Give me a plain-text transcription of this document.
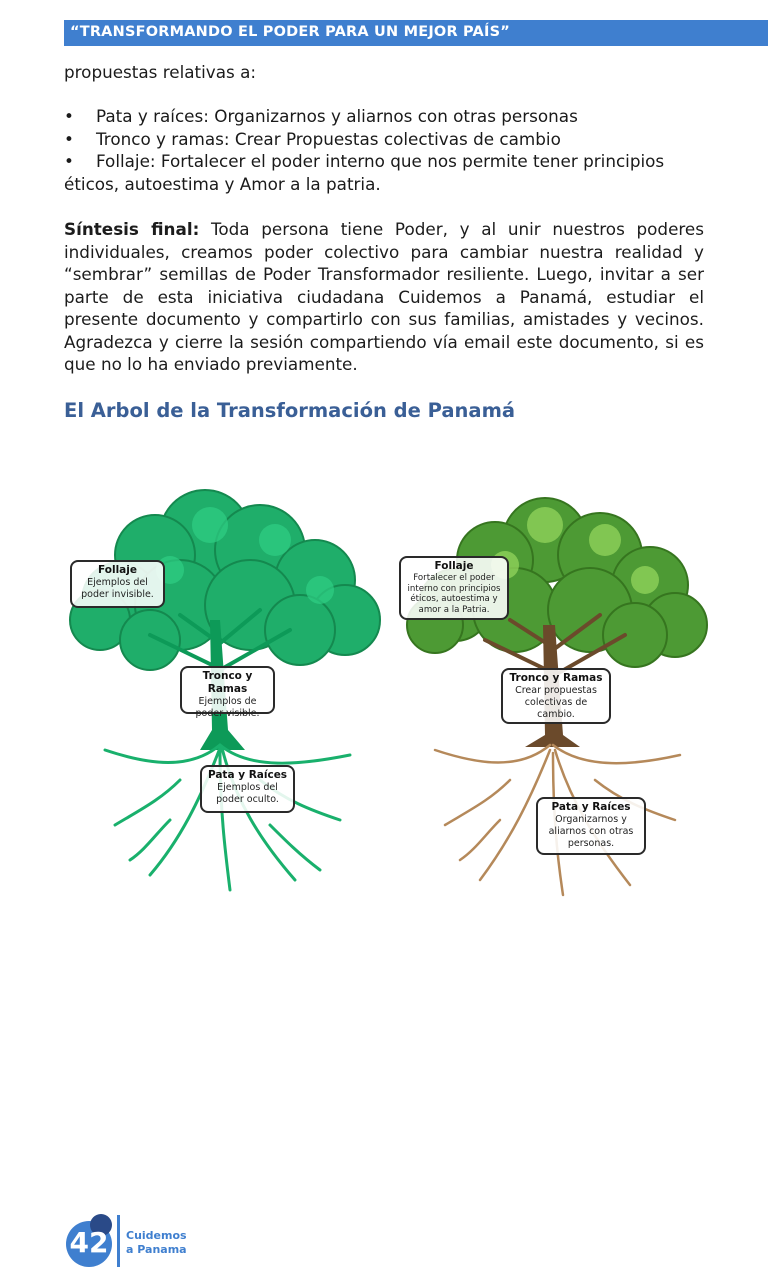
“TRANSFORMANDO EL PODER PARA UN MEJOR PAÍS”
propuestas relativas a:
• Pata y raíces: Organizarnos y aliarnos con otras personas
• Tronco y ramas: Crear Propuestas colectivas de cambio
• Follaje: Fortalecer el poder interno que nos permite tener principios
éticos, autoestima y Amor a la patria.
Síntesis final: Toda persona tiene Poder, y al unir nuestros poderes individuales, creamos poder colectivo para cambiar nuestra realidad y “sembrar” semillas de Poder Transformador resiliente. Luego, invitar a ser parte de esta iniciativa ciudadana Cuidemos a Panamá, estudiar el presente documento y compartirlo con sus familias, amistades y vecinos. Agradezca y cierre la sesión compartiendo vía email este documento, si es que no lo ha enviado previamente.
El Arbol de la Transformación de Panamá
Follaje
Ejemplos del poder invisible.
Tronco y Ramas
Ejemplos de poder visible.
Pata y Raíces
Ejemplos del poder oculto.
Follaje
Fortalecer el poder interno con principios éticos, autoestima y amor a la Patria.
Tronco y Ramas
Crear propuestas colectivas de cambio.
Pata y Raíces
Organizarnos y aliarnos con otras personas.
42	Cuidemos
a Panama
